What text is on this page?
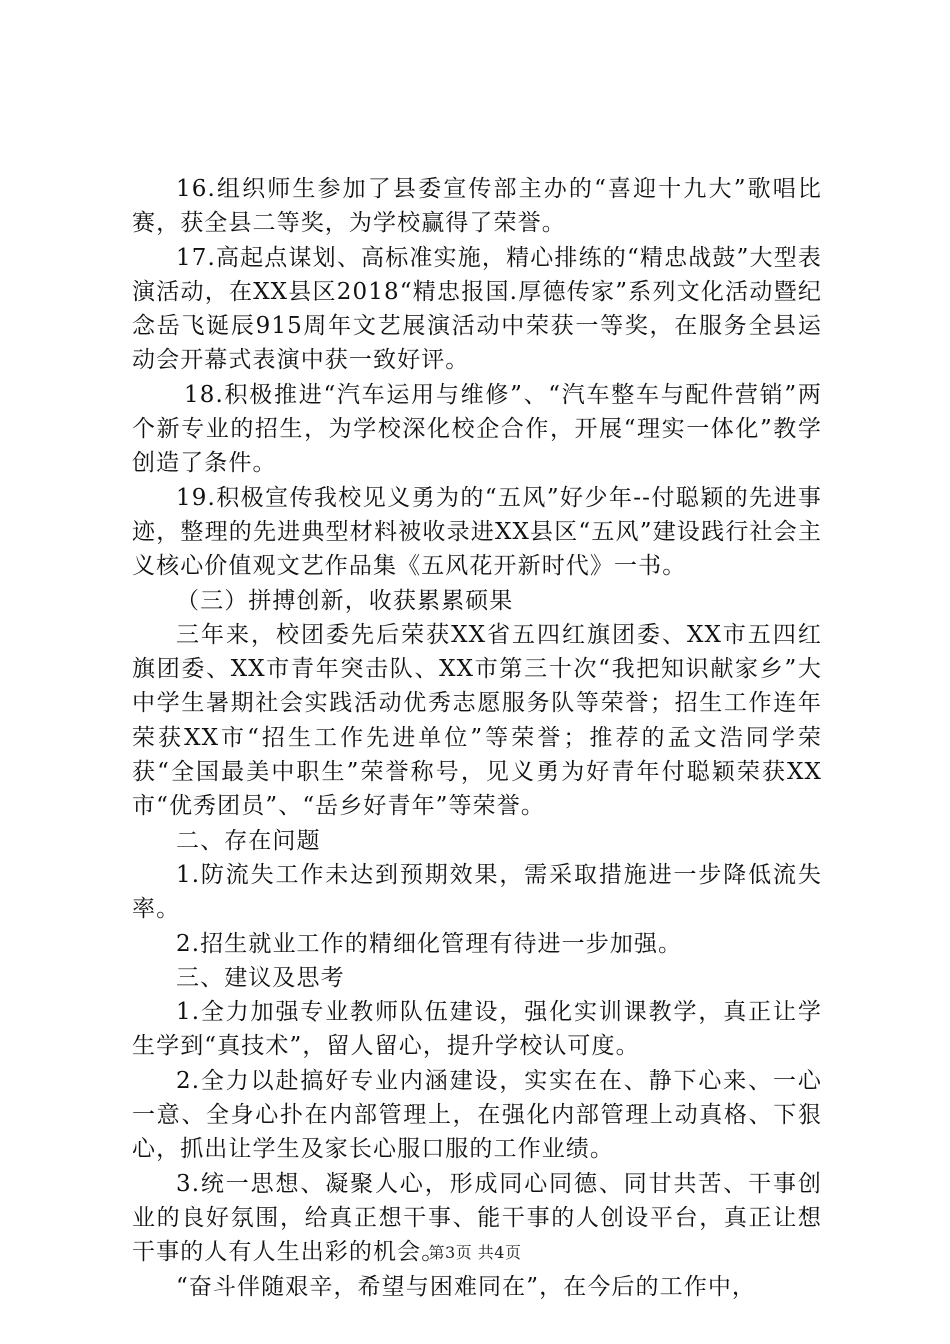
16.组织师生参加了县委宣传部主办的“喜迎十九大”歌唱比赛，获全县二等奖，为学校赢得了荣誉。

17.高起点谋划、高标准实施，精心排练的“精忠战鼓”大型表演活动，在XX县区2018“精忠报国.厚德传家”系列文化活动暨纪念岳飞诞辰915周年文艺展演活动中荣获一等奖，在服务全县运动会开幕式表演中获一致好评。

18.积极推进“汽车运用与维修”、“汽车整车与配件营销”两个新专业的招生，为学校深化校企合作，开展“理实一体化”教学创造了条件。

19.积极宣传我校见义勇为的“五风”好少年--付聪颖的先进事迹，整理的先进典型材料被收录进XX县区“五风”建设践行社会主义核心价值观文艺作品集《五风花开新时代》一书。

（三）拼搏创新，收获累累硕果

三年来，校团委先后荣获XX省五四红旗团委、XX市五四红旗团委、XX市青年突击队、XX市第三十次“我把知识献家乡”大中学生暑期社会实践活动优秀志愿服务队等荣誉；招生工作连年荣获XX市“招生工作先进单位”等荣誉；推荐的孟文浩同学荣获“全国最美中职生”荣誉称号，见义勇为好青年付聪颖荣获XX市“优秀团员”、“岳乡好青年”等荣誉。

二、存在问题

1.防流失工作未达到预期效果，需采取措施进一步降低流失率。

2.招生就业工作的精细化管理有待进一步加强。

三、建议及思考

1.全力加强专业教师队伍建设，强化实训课教学，真正让学生学到“真技术”，留人留心，提升学校认可度。

2.全力以赴搞好专业内涵建设，实实在在、静下心来、一心一意、全身心扑在内部管理上，在强化内部管理上动真格、下狠心，抓出让学生及家长心服口服的工作业绩。

3.统一思想、凝聚人心，形成同心同德、同甘共苦、干事创业的良好氛围，给真正想干事、能干事的人创设平台，真正让想干事的人有人生出彩的机会。

“奋斗伴随艰辛，希望与困难同在”，在今后的工作中，

第3页 共4页
